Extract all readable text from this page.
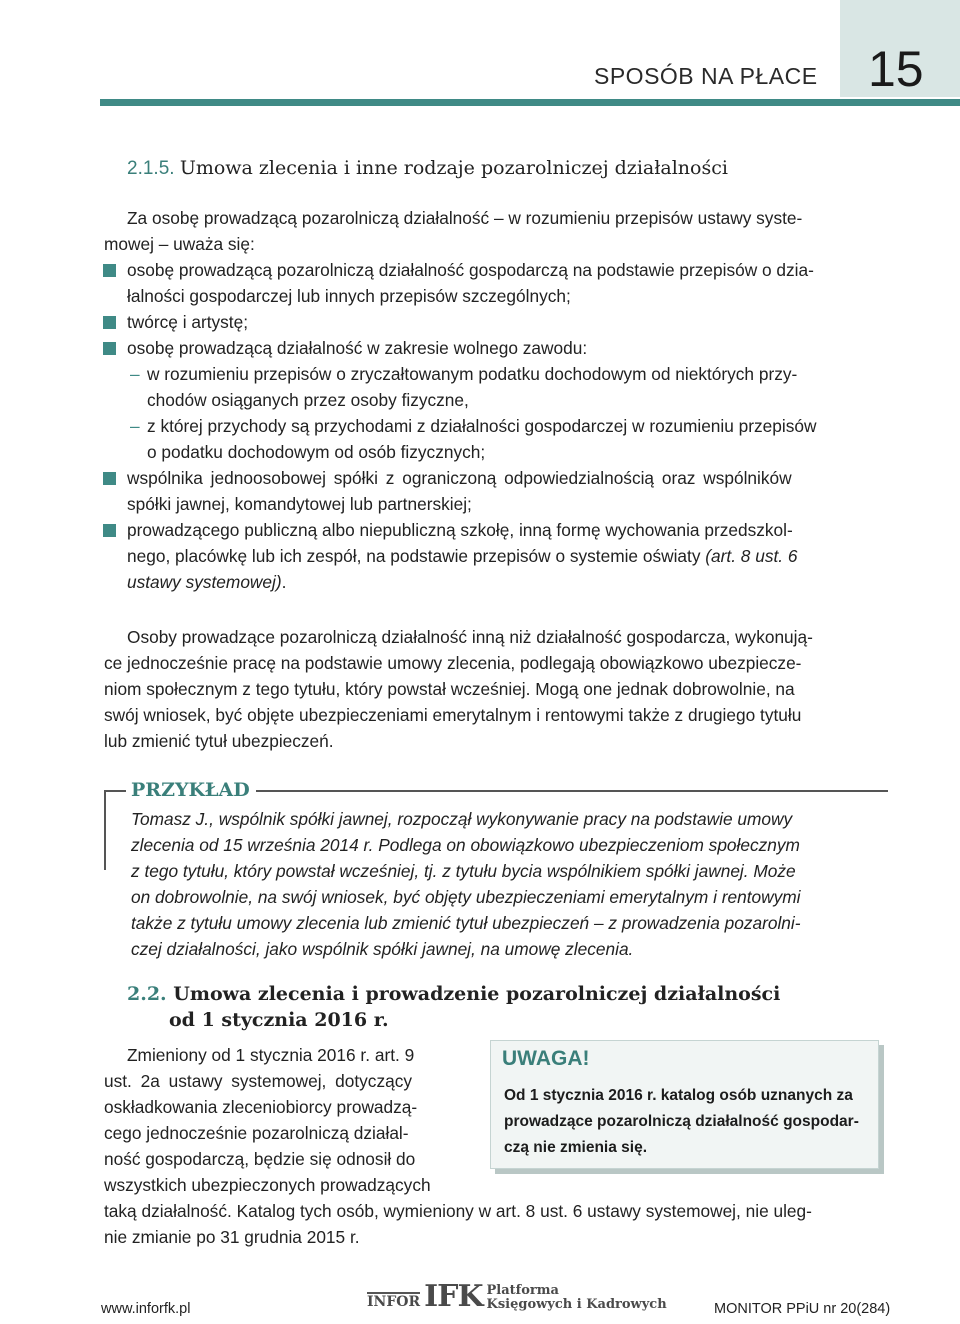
SPOSÓB NA PŁACE 15
2.1.5. Umowa zlecenia i inne rodzaje pozarolniczej działalności
Za osobę prowadzącą pozarolniczą działalność – w rozumieniu przepisów ustawy syste-
mowej – uważa się:
osobę prowadzącą pozarolniczą działalność gospodarczą na podstawie przepisów o dzia-
łalności gospodarczej lub innych przepisów szczególnych;
twórcę i artystę;
osobę prowadzącą działalność w zakresie wolnego zawodu:
– w rozumieniu przepisów o zryczałtowanym podatku dochodowym od niektórych przy-
chodów osiąganych przez osoby fizyczne,
– z której przychody są przychodami z działalności gospodarczej w rozumieniu przepisów
o podatku dochodowym od osób fizycznych;
wspólnika jednoosobowej spółki z ograniczoną odpowiedzialnością oraz wspólników
spółki jawnej, komandytowej lub partnerskiej;
prowadzącego publiczną albo niepubliczną szkołę, inną formę wychowania przedszkol-
nego, placówkę lub ich zespół, na podstawie przepisów o systemie oświaty (art. 8 ust. 6
ustawy systemowej).
Osoby prowadzące pozarolniczą działalność inną niż działalność gospodarcza, wykonują-
ce jednocześnie pracę na podstawie umowy zlecenia, podlegają obowiązkowo ubezpiecze-
niom społecznym z tego tytułu, który powstał wcześniej. Mogą one jednak dobrowolnie, na
swój wniosek, być objęte ubezpieczeniami emerytalnym i rentowymi także z drugiego tytułu
lub zmienić tytuł ubezpieczeń.
PRZYKŁAD
Tomasz J., wspólnik spółki jawnej, rozpoczął wykonywanie pracy na podstawie umowy
zlecenia od 15 września 2014 r. Podlega on obowiązkowo ubezpieczeniom społecznym
z tego tytułu, który powstał wcześniej, tj. z tytułu bycia wspólnikiem spółki jawnej. Może
on dobrowolnie, na swój wniosek, być objęty ubezpieczeniami emerytalnym i rentowymi
także z tytułu umowy zlecenia lub zmienić tytuł ubezpieczeń – z prowadzenia pozarolni-
czej działalności, jako wspólnik spółki jawnej, na umowę zlecenia.
2.2. Umowa zlecenia i prowadzenie pozarolniczej działalności
od 1 stycznia 2016 r.
Zmieniony od 1 stycznia 2016 r. art. 9
ust. 2a ustawy systemowej, dotyczący
oskładkowania zleceniobiorcy prowadzą-
cego jednocześnie pozarolniczą działal-
ność gospodarczą, będzie się odnosił do
wszystkich ubezpieczonych prowadzących
taką działalność. Katalog tych osób, wymieniony w art. 8 ust. 6 ustawy systemowej, nie uleg-
nie zmianie po 31 grudnia 2015 r.
UWAGA!
Od 1 stycznia 2016 r. katalog osób uznanych za
prowadzące pozarolniczą działalność gospodar-
czą nie zmienia się.
www.inforfk.pl	INFOR IFK Platforma
Księgowych i Kadrowych	MONITOR PPiU nr 20(284)
